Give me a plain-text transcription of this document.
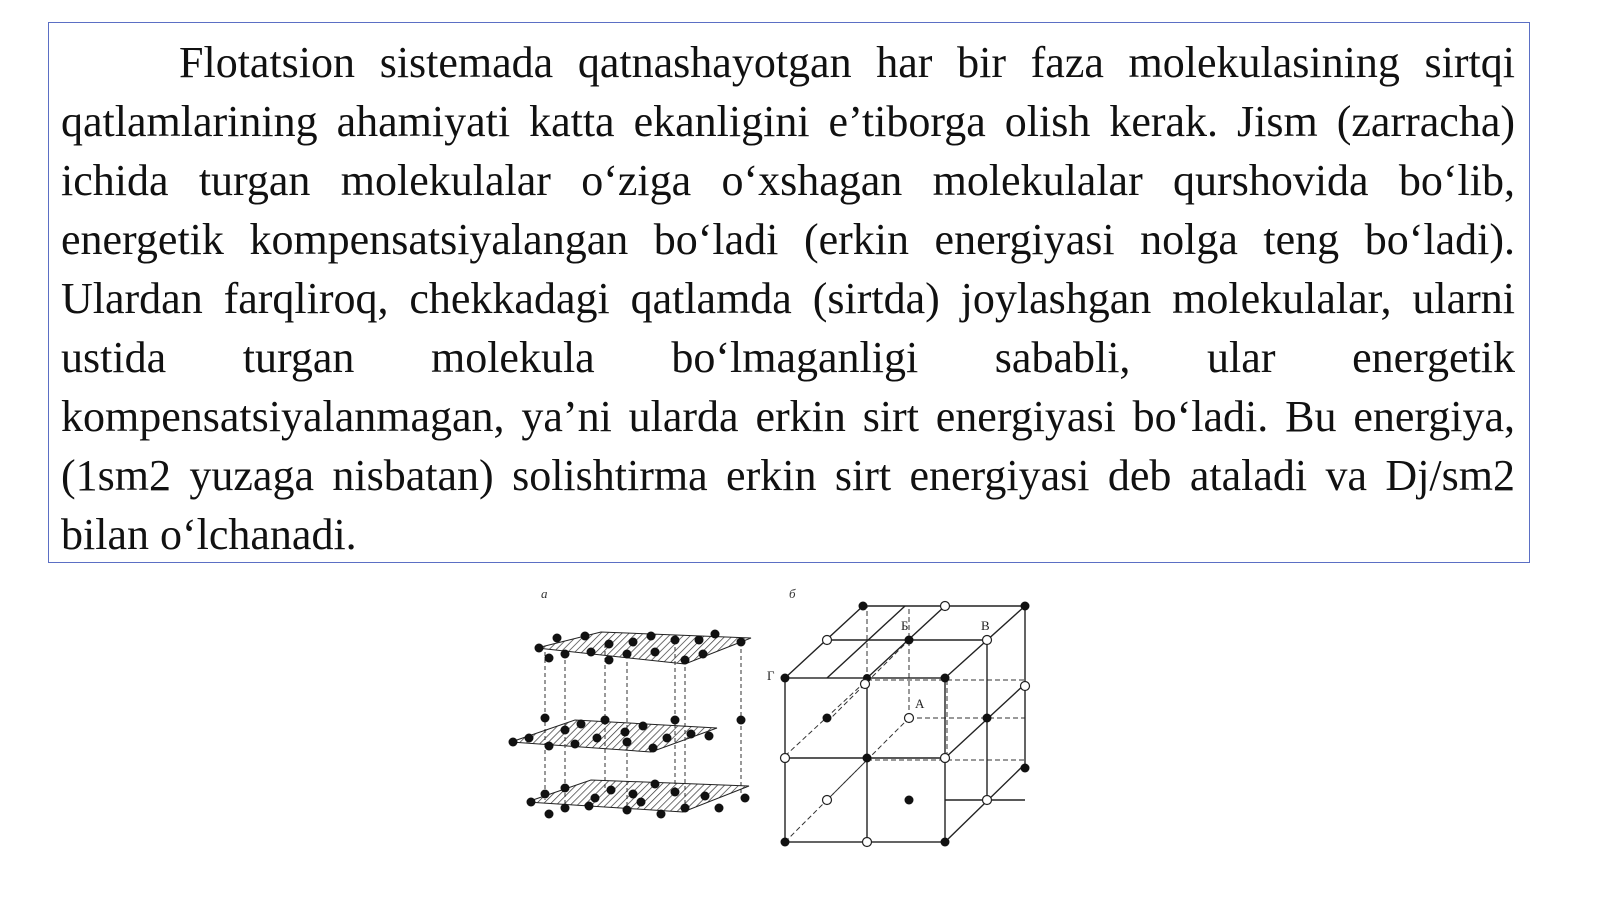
Flotatsion sistemada qatnashayotgan har bir faza molekulasining sirtqi qatlamlarining ahamiyati katta ekanligini e’tiborga olish kerak. Jism (zarracha) ichida turgan molekulalar o‘ziga o‘xshagan molekulalar qurshovida bo‘lib, energetik kompensatsiyalangan bo‘ladi (erkin energiyasi nolga teng bo‘ladi). Ulardan farqliroq, chekkadagi qatlamda (sirtda) joylashgan molekulalar, ularni ustida turgan molekula bo‘lmaganligi sababli, ular energetik kompensatsiyalanmagan, ya’ni ularda erkin sirt energiyasi bo‘ladi. Bu energiya, (1sm2 yuzaga nisbatan) solishtirma erkin sirt energiyasi deb ataladi va Dj/sm2 bilan o‘lchanadi.

а	б
Б	В
Г
А
